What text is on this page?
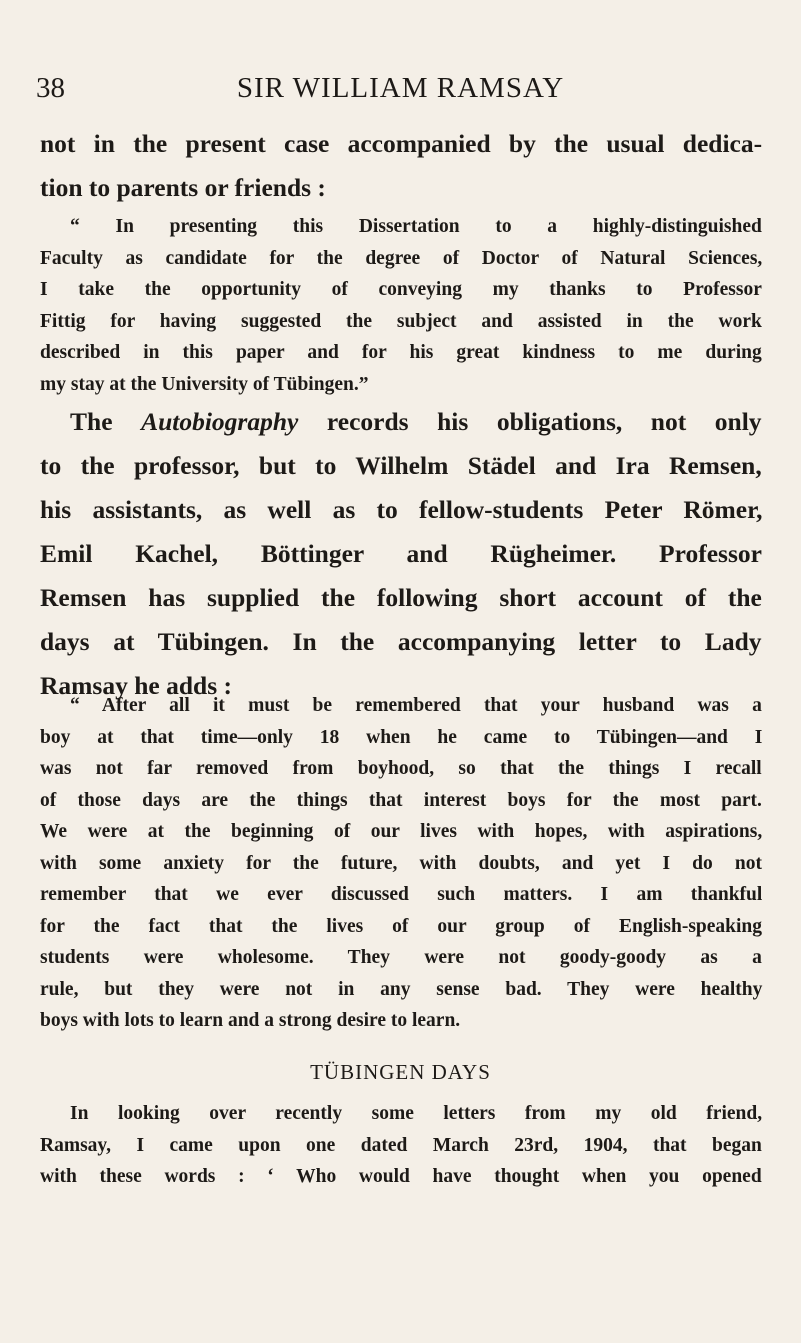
38	SIR WILLIAM RAMSAY

not in the present case accompanied by the usual dedica-
tion to parents or friends :

“ In presenting this Dissertation to a highly-distinguished
Faculty as candidate for the degree of Doctor of Natural Sciences,
I take the opportunity of conveying my thanks to Professor
Fittig for having suggested the subject and assisted in the work
described in this paper and for his great kindness to me during
my stay at the University of Tübingen.”

The Autobiography records his obligations, not only
to the professor, but to Wilhelm Städel and Ira Remsen,
his assistants, as well as to fellow-students Peter Römer,
Emil Kachel, Böttinger and Rügheimer. Professor
Remsen has supplied the following short account of the
days at Tübingen. In the accompanying letter to Lady
Ramsay he adds :

“ After all it must be remembered that your husband was a
boy at that time—only 18 when he came to Tübingen—and I
was not far removed from boyhood, so that the things I recall
of those days are the things that interest boys for the most part.
We were at the beginning of our lives with hopes, with aspirations,
with some anxiety for the future, with doubts, and yet I do not
remember that we ever discussed such matters. I am thankful
for the fact that the lives of our group of English-speaking
students were wholesome. They were not goody-goody as a
rule, but they were not in any sense bad. They were healthy
boys with lots to learn and a strong desire to learn.

TÜBINGEN DAYS

In looking over recently some letters from my old friend,
Ramsay, I came upon one dated March 23rd, 1904, that began
with these words : ‘ Who would have thought when you opened
